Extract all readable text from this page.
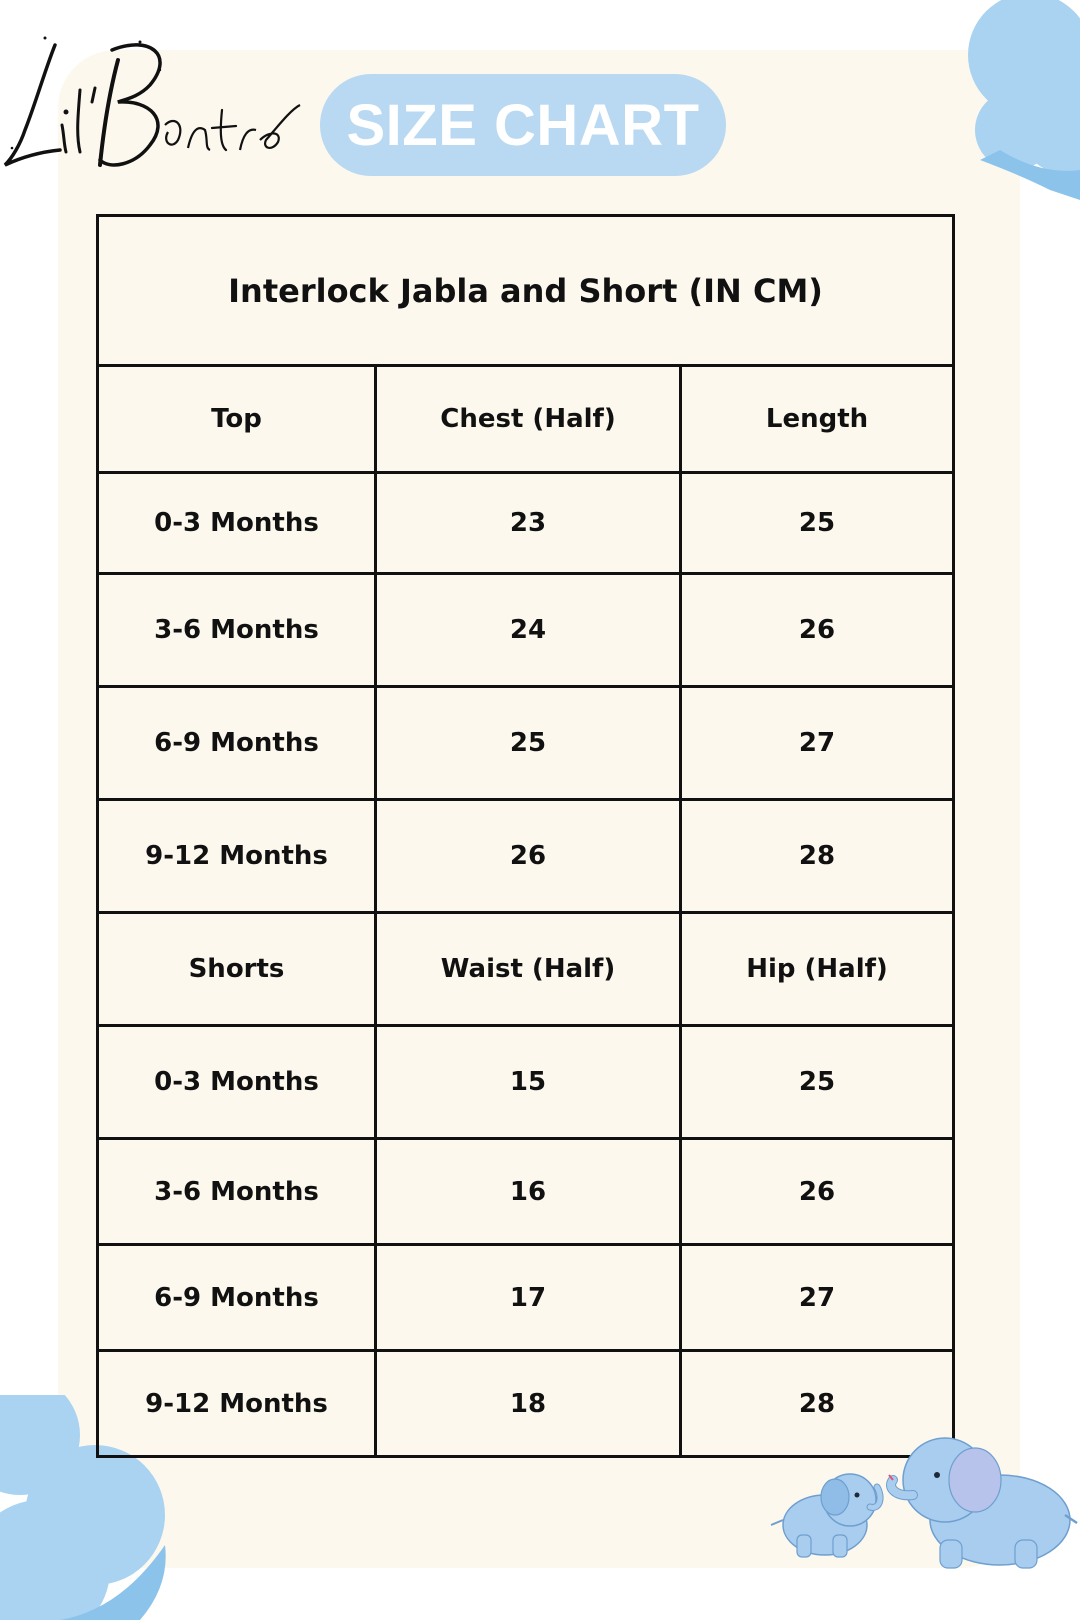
SIZE CHART
Interlock Jabla and Short (IN CM)		
Top	Chest (Half)	Length
0-3 Months	23	25
3-6 Months	24	26
6-9 Months	25	27
9-12 Months	26	28
Shorts	Waist (Half)	Hip (Half)
0-3 Months	15	25
3-6 Months	16	26
6-9 Months	17	27
9-12 Months	18	28
